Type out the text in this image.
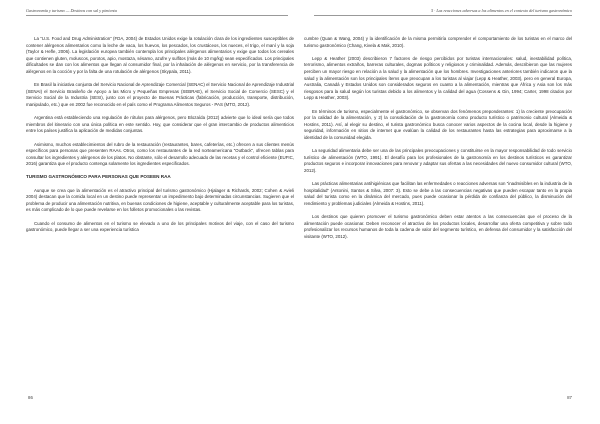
Gastronomía y turismo — Destinos con sal y pimienta

La “U.S. Food and Drug Administration” (FDA, 2004) de Estados Unidos exige la rotulación clara de los ingredientes susceptibles de contener alérgenos alimentarios como la leche de vaca, los huevos, los pescados, los crustáceos, los nueces, el trigo, el maní y la soja (Taylor & Hefle, 2006). La legislación europea también contempla los principales alérgenos alimentarios y exige que todos los cereales que contienen gluten, moluscos, porotos, apio, mostaza, sésamo, azufre y sulfitos (más de 10 mg/kg) sean especificados. Los principales dificultades se dan con los alimentos que llegan al consumidor final, por la inhalación de alérgenos en servicio, por la transferencia de alérgenos en la cocción y por la falta de una rotulación de alérgenos (Skypala, 2011).

En Brasil la iniciativa conjunta del Servicio Nacional de Aprendizaje Comercial (SENAC) el Servicio Nacional de Aprendizaje Industrial (SENAI) el Servicio Brasileño de Apoyo a las Micro y Pequeñas Empresas (SEBRAE), el Servicio Social de Comercio (SESC) y el Servicio Social de la Industria (SESI), junto con el proyecto de Buenas Prácticas (fabricación, producción, transporte, distribución, manipulado, etc.) que en 2002 fue reconocido en el país como el Programa Alimentos Seguros - PAS (MTO, 2012).

Argentina está estableciendo una regulación de rótulos para alérgenos, pero Blozaída (2012) advierte que lo ideal sería que todos miembros del itinerario con una única política en este sentido. Hoy, que considerar que el gran intercambio de productos alimenticios entre los países justifica la aplicación de medidas conjuntas.

Asimismo, muchos establecimientos del rubro de la restauración (restaurantes, bares, cafeterías, etc.) ofrecen a sus clientes menús específicos para personas que presenten RAAs. Otros, como los restaurantes de la red norteamericana “Outback”, ofrecen tablas para consultar los ingredientes y alérgenos de los platos. No obstante, sólo el desarrollo adecuado de las recetas y el control eficiente (EUFIC, 2016) garantiza que el producto contenga solamente los ingredientes especificados.

TURISMO GASTRONÓMICO PARA PERSONAS QUE POSEEN RAA

Aunque se crea que la alimentación es el atractivo principal del turismo gastronómico (Hjalager & Richards, 2002; Cohen & Avieli 2004) destacan que la comida local en un destino puede representar un impedimento bajo determinadas circunstancias. Sugieren que el problema de producir una alimentación nutritiva, en buenas condiciones de higiene, aceptable y culturalmente aceptable para los turistas, es más complicado de lo que puede revelarse en los folletos promocionales o las revistas.

Cuando el consumo de alimentos en el turismo se elevado a uno de los principales motivos del viaje, con el caso del turismo gastronómico, puede llegar a ser una experiencia turística

86
5 · Las reacciones adversas a los alimentos en el contexto del turismo gastronómico

cumbre (Quan & Wang, 2004) y la identificación de la misma permitiría comprender el comportamiento de los turistas en el marco del turismo gastronómico (Chang, Kivela & Mak, 2010).

Lepp & Heather (2003) describieron 7 factores de riesgo percibidos por turistas internacionales: salud, inestabilidad política, terrorismo, alimentos extraños, barreras culturales, dogmas políticos y religiosos y criminalidad. Además, describieron que las mujeres perciben un mayor riesgo en relación a la salud y la alimentación que los hombres. Investigaciones anteriores también indicaron que la salud y la alimentación son los principales ítems que preocupan a los turistas al viajar (Lepp & Heather, 2003), pero en general Europa, Australia, Canadá y Estados Unidos son considerados seguros en cuanto a la alimentación, mientras que África y Asia son los más riesgosos para la salud según los turistas debido a los alimentos y la calidad del agua (Cossens & Gin, 1994; Carter, 1998 citados por Lepp & Heather, 2003).

En términos de turismo, especialmente el gastronómico, se observan dos fenómenos preponderantes: 1) la creciente preocupación por la calidad de la alimentación, y 2) la consolidación de la gastronomía como producto turístico o patrimonio cultural (Almeida & Hostins, 2011). Así, al elegir su destino, el turista gastronómico busca conocer varios aspectos de la cocina local, desde la higiene y seguridad, información en sitios de internet que evalúan la calidad de los restaurantes hasta las estrategias para aproximarse a la identidad de la comunidad elegida.

La seguridad alimentaria debe ser una de las principales preocupaciones y constituirse en la mayor responsabilidad de todo servicio turístico de alimentación (WTO, 1991). El desafío para los profesionales de la gastronomía en los destinos turísticos es garantizar productos seguros e incorporar innovaciones para renovar y adaptar sus ofertas a las necesidades del nuevo consumidor cultural (WTO, 2012).

Las prácticas alimentarias antihigiénicas que facilitan las enfermedades o reacciones adversas son “inadmisibles en la industria de la hospitalidad” (Antonini, Santos & Silva, 2007: 3). Esto se debe a las consecuencias negativas que pueden escapar tanto en la propia salud del turista como en la dinámica del mercado, pues puede ocasionar la pérdida de confianza del público, la disminución del rendimiento y problemas judiciales (Almeida & Hostins, 2011).

Los destinos que quieren promover el turismo gastronómico deben estar atentos a las consecuencias que el proceso de la alimentación puede ocasionar. Deben reconocer el atractivo de los productos locales, desarrollar una oferta competitiva y sobre todo profesionalizar los recursos humanos de toda la cadena de valor del segmento turístico, en defensa del consumidor y la satisfacción del visitante (WTO, 2012).

87
